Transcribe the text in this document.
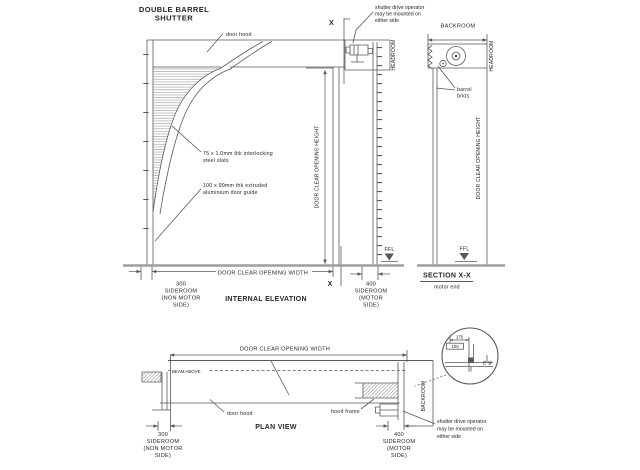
DOUBLE BARREL
SHUTTER
door hood
75 x 1.0mm thk interlocking
steel slats
100 x 90mm thk extruded
aluminium door guide	DOOR CLEAR OPENING HEIGHT
HEADROOM
X
X
shutter drive operator
may be mounted on
either side
FFL
DOOR CLEAR OPENING WIDTH
300
SIDEROOM
(NON MOTOR
SIDE)
400
SIDEROOM
(MOTOR
SIDE)
INTERNAL ELEVATION
BACKROOM
barrel
brkts
DOOR CLEAR OPENING HEIGHT
HEADROOM
FFL
SECTION X-X
motor end
DOOR CLEAR OPENING WIDTH
BEAM ABOVE
door hood	hood frame
BACKROOM
300
SIDEROOM
(NON MOTOR
SIDE)
400
SIDEROOM
(MOTOR
SIDE)
shutter drive operator
may be mounted on
either side
175
100
75 45
PLAN VIEW
